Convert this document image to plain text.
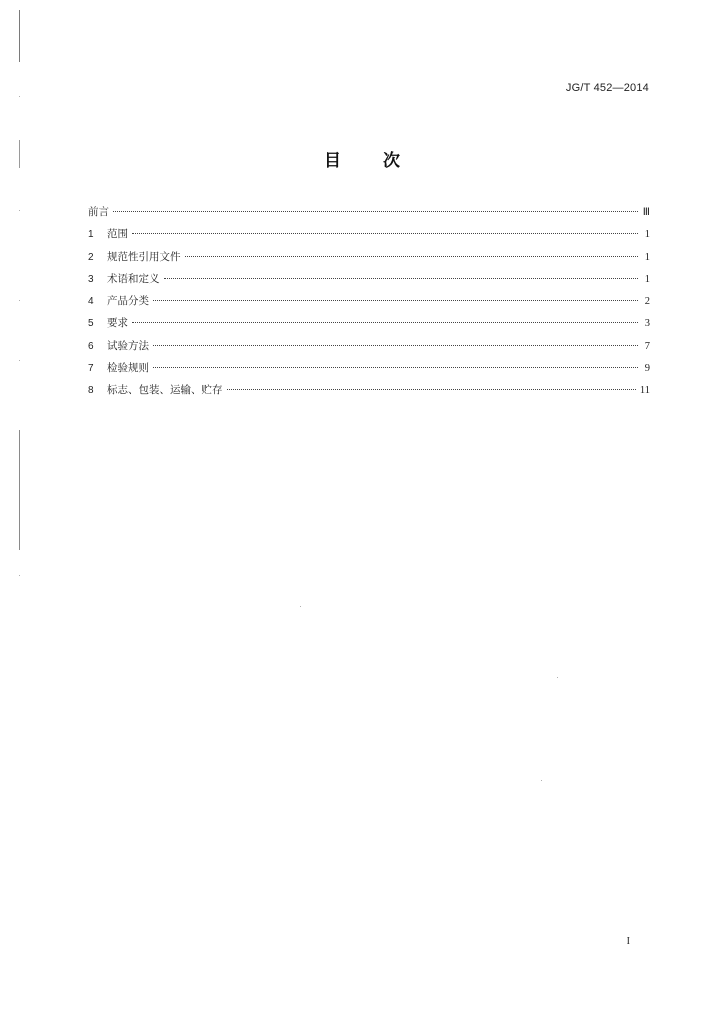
JG/T 452—2014
目 次
前言	Ⅲ
1	范围	1
2	规范性引用文件	1
3	术语和定义	1
4	产品分类	2
5	要求	3
6	试验方法	7
7	检验规则	9
8	标志、包装、运输、贮存	11
I
